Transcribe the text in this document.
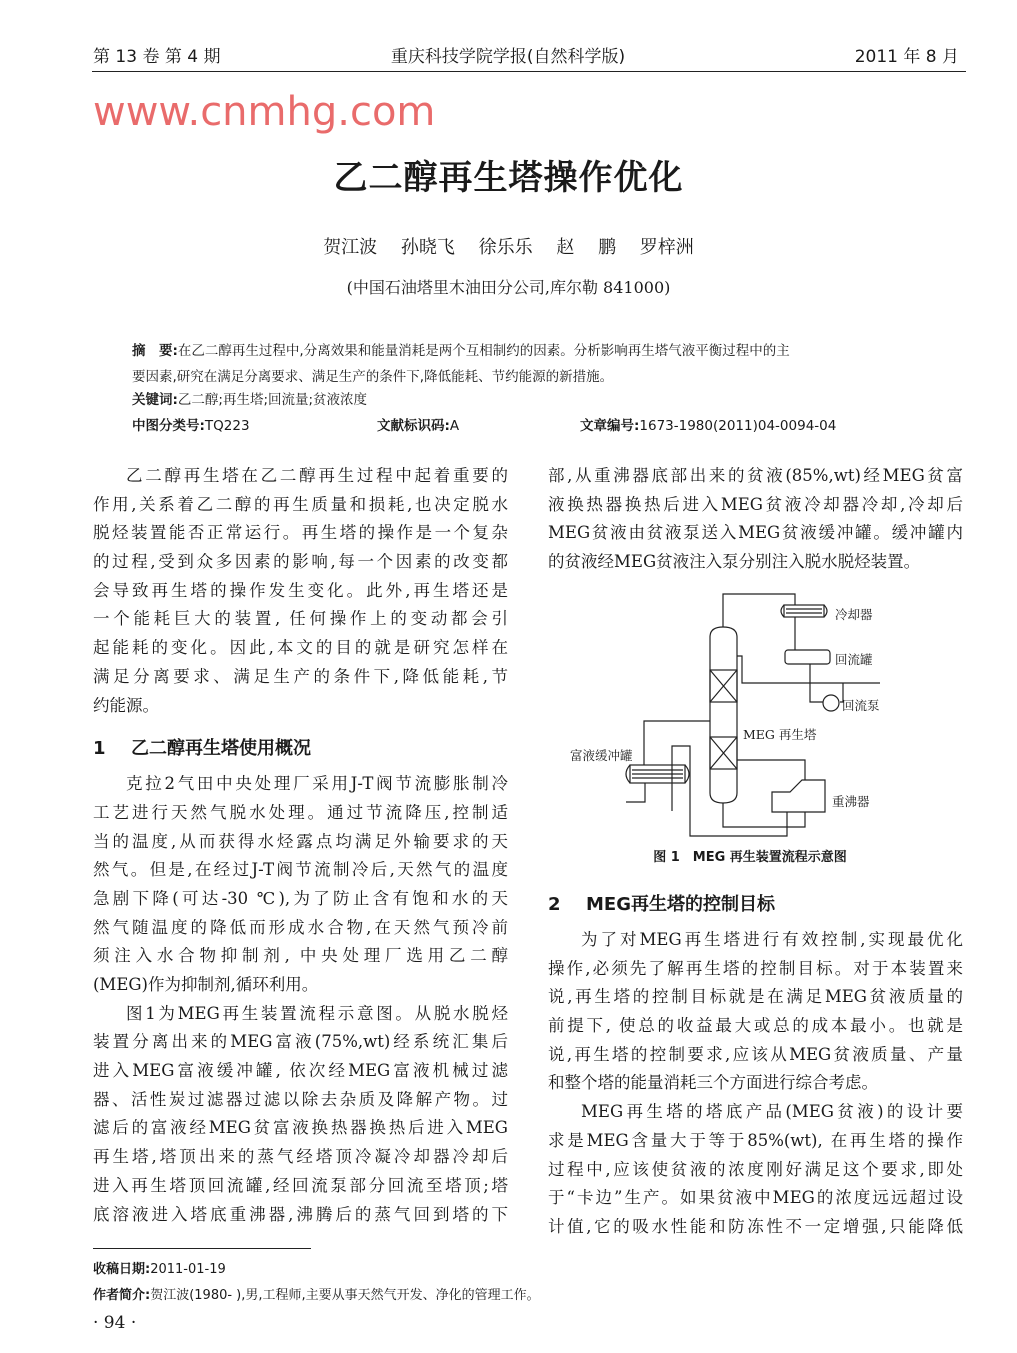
第 13 卷 第 4 期	重庆科技学院学报(自然科学版)	2011 年 8 月
www.cnmhg.com
乙二醇再生塔操作优化
贺江波 孙晓飞 徐乐乐 赵 鹏 罗梓洲
(中国石油塔里木油田分公司,库尔勒 841000)
摘　要:在乙二醇再生过程中,分离效果和能量消耗是两个互相制约的因素。分析影响再生塔气液平衡过程中的主
要因素,研究在满足分离要求、满足生产的条件下,降低能耗、节约能源的新措施。
关键词:乙二醇;再生塔;回流量;贫液浓度
中图分类号:TQ223	文献标识码:A	文章编号:1673-1980(2011)04-0094-04
乙二醇再生塔在乙二醇再生过程中起着重要的
作用,关系着乙二醇的再生质量和损耗,也决定脱水
脱烃装置能否正常运行。再生塔的操作是一个复杂
的过程,受到众多因素的影响,每一个因素的改变都
会导致再生塔的操作发生变化。此外,再生塔还是
一个能耗巨大的装置, 任何操作上的变动都会引
起能耗的变化。因此,本文的目的就是研究怎样在
满足分离要求、满足生产的条件下,降低能耗,节
约能源。
1 乙二醇再生塔使用概况
克拉2气田中央处理厂采用J-T阀节流膨胀制冷
工艺进行天然气脱水处理。通过节流降压,控制适
当的温度,从而获得水烃露点均满足外输要求的天
然气。但是,在经过J-T阀节流制冷后,天然气的温度
急剧下降(可达-30 ℃),为了防止含有饱和水的天
然气随温度的降低而形成水合物,在天然气预冷前
须注入水合物抑制剂, 中央处理厂选用乙二醇
(MEG)作为抑制剂,循环利用。
图1为MEG再生装置流程示意图。从脱水脱烃
装置分离出来的MEG富液(75%,wt)经系统汇集后
进入MEG富液缓冲罐, 依次经MEG富液机械过滤
器、活性炭过滤器过滤以除去杂质及降解产物。过
滤后的富液经MEG贫富液换热器换热后进入MEG
再生塔,塔顶出来的蒸气经塔顶冷凝冷却器冷却后
进入再生塔顶回流罐,经回流泵部分回流至塔顶;塔
底溶液进入塔底重沸器,沸腾后的蒸气回到塔的下
部,从重沸器底部出来的贫液(85%,wt)经MEG贫富
液换热器换热后进入MEG贫液冷却器冷却,冷却后
MEG贫液由贫液泵送入MEG贫液缓冲罐。缓冲罐内
的贫液经MEG贫液注入泵分别注入脱水脱烃装置。
冷却器
回流罐
回流泵
MEG 再生塔
富液缓冲罐
重沸器
图 1　MEG 再生装置流程示意图
2 MEG再生塔的控制目标
为了对MEG再生塔进行有效控制,实现最优化
操作,必须先了解再生塔的控制目标。对于本装置来
说,再生塔的控制目标就是在满足MEG贫液质量的
前提下, 使总的收益最大或总的成本最小。也就是
说,再生塔的控制要求,应该从MEG贫液质量、产量
和整个塔的能量消耗三个方面进行综合考虑。
MEG再生塔的塔底产品(MEG贫液)的设计要
求是MEG含量大于等于85%(wt), 在再生塔的操作
过程中,应该使贫液的浓度刚好满足这个要求,即处
于“卡边”生产。如果贫液中MEG的浓度远远超过设
计值,它的吸水性能和防冻性不一定增强,只能降低
收稿日期:2011-01-19
作者简介:贺江波(1980- ),男,工程师,主要从事天然气开发、净化的管理工作。
· 94 ·
